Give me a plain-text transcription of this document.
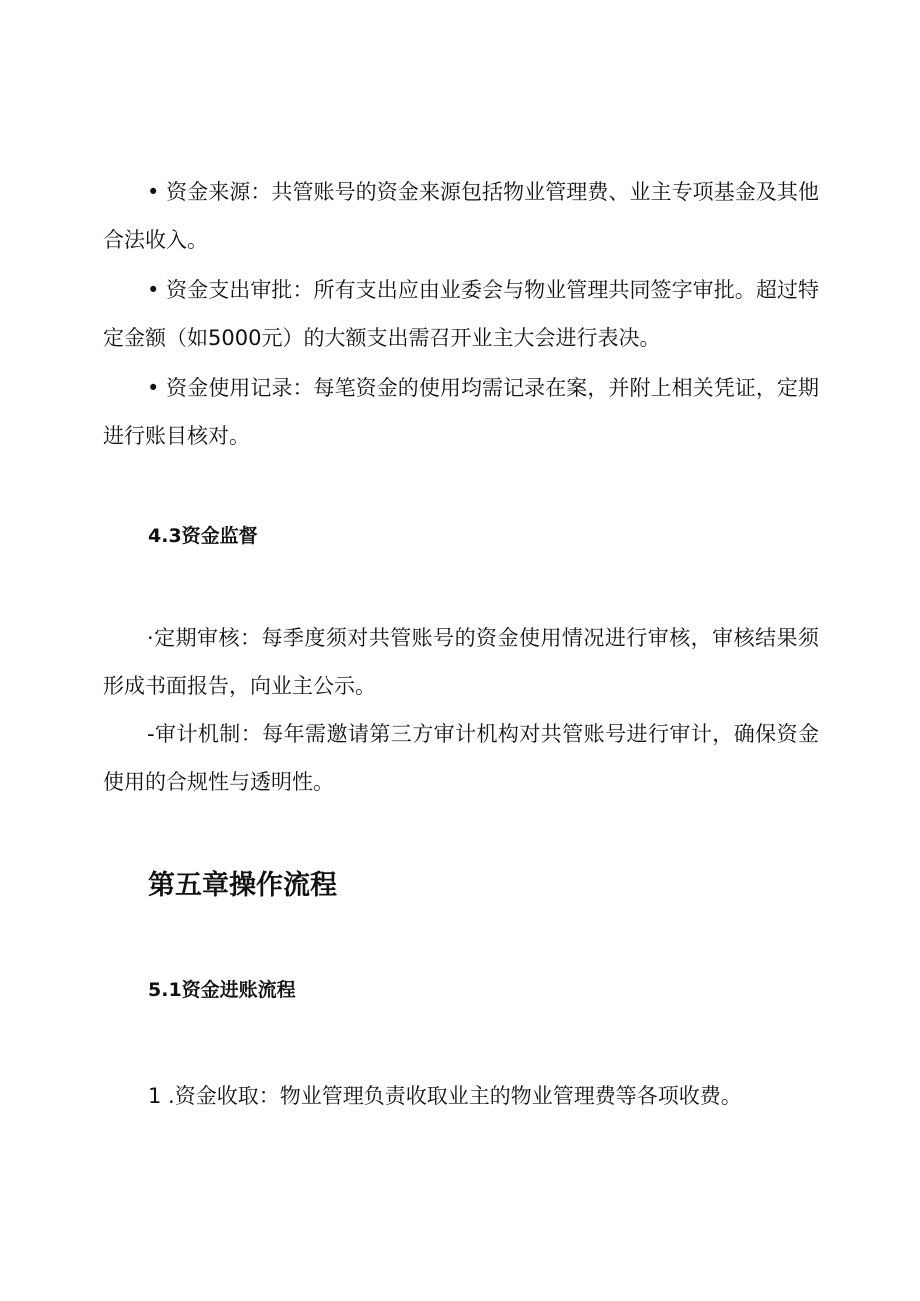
• 资金来源：共管账号的资金来源包括物业管理费、业主专项基金及其他合法收入。

• 资金支出审批：所有支出应由业委会与物业管理共同签字审批。超过特定金额（如5000元）的大额支出需召开业主大会进行表决。

• 资金使用记录：每笔资金的使用均需记录在案，并附上相关凭证，定期进行账目核对。

4.3资金监督

·定期审核：每季度须对共管账号的资金使用情况进行审核，审核结果须形成书面报告，向业主公示。

-审计机制：每年需邀请第三方审计机构对共管账号进行审计，确保资金使用的合规性与透明性。

第五章操作流程
5.1资金进账流程

1 .资金收取：物业管理负责收取业主的物业管理费等各项收费。
